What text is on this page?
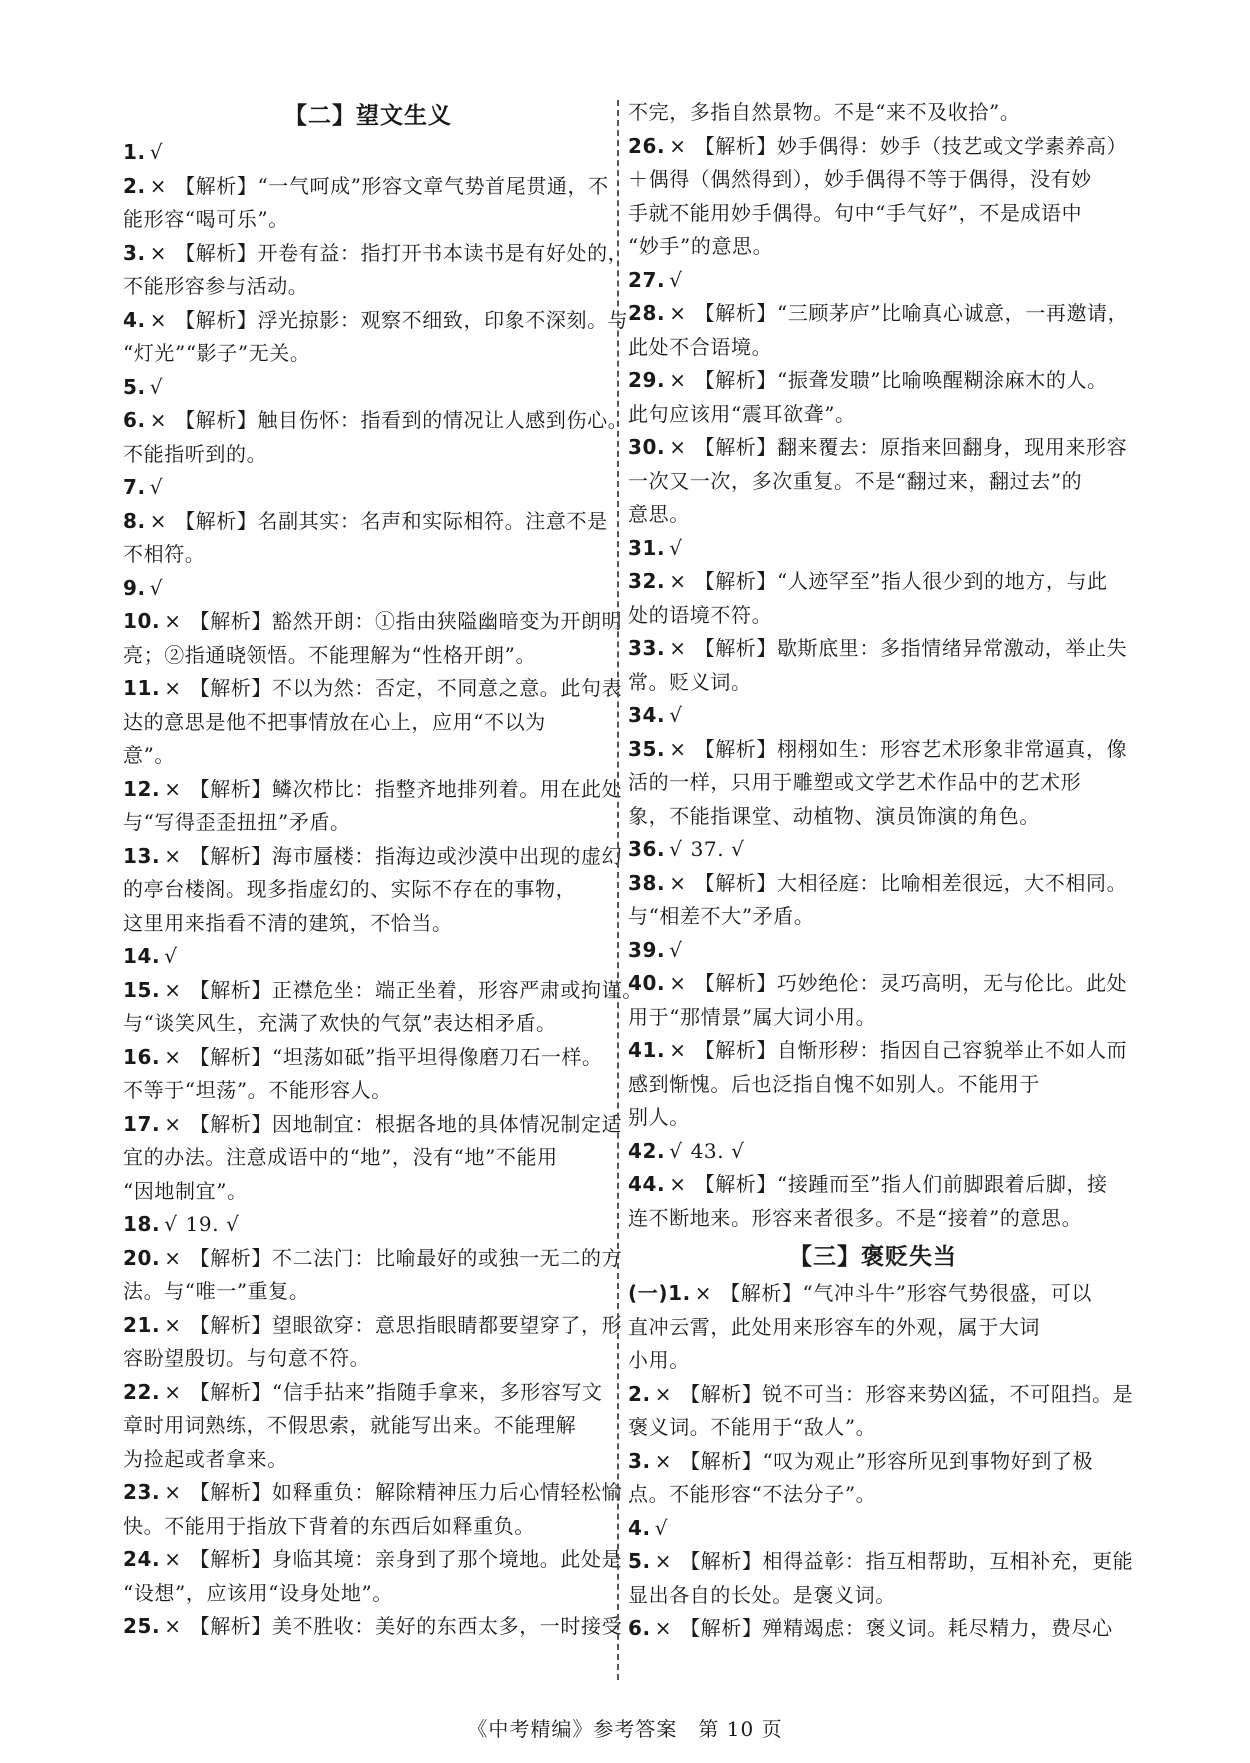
【二】望文生义
1. √
2. × 【解析】“一气呵成”形容文章气势首尾贯通，不
能形容“喝可乐”。
3. × 【解析】开卷有益：指打开书本读书是有好处的，
不能形容参与活动。
4. × 【解析】浮光掠影：观察不细致，印象不深刻。与
“灯光”“影子”无关。
5. √
6. × 【解析】触目伤怀：指看到的情况让人感到伤心。
不能指听到的。
7. √
8. × 【解析】名副其实：名声和实际相符。注意不是
不相符。
9. √
10. × 【解析】豁然开朗：①指由狭隘幽暗变为开朗明
亮；②指通晓领悟。不能理解为“性格开朗”。
11. × 【解析】不以为然：否定，不同意之意。此句表
达的意思是他不把事情放在心上，应用“不以为
意”。
12. × 【解析】鳞次栉比：指整齐地排列着。用在此处
与“写得歪歪扭扭”矛盾。
13. × 【解析】海市蜃楼：指海边或沙漠中出现的虚幻
的亭台楼阁。现多指虚幻的、实际不存在的事物，
这里用来指看不清的建筑，不恰当。
14. √
15. × 【解析】正襟危坐：端正坐着，形容严肃或拘谨。
与“谈笑风生，充满了欢快的气氛”表达相矛盾。
16. × 【解析】“坦荡如砥”指平坦得像磨刀石一样。
不等于“坦荡”。不能形容人。
17. × 【解析】因地制宜：根据各地的具体情况制定适
宜的办法。注意成语中的“地”，没有“地”不能用
“因地制宜”。
18. √ 19. √
20. × 【解析】不二法门：比喻最好的或独一无二的方
法。与“唯一”重复。
21. × 【解析】望眼欲穿：意思指眼睛都要望穿了，形
容盼望殷切。与句意不符。
22. × 【解析】“信手拈来”指随手拿来，多形容写文
章时用词熟练，不假思索，就能写出来。不能理解
为捡起或者拿来。
23. × 【解析】如释重负：解除精神压力后心情轻松愉
快。不能用于指放下背着的东西后如释重负。
24. × 【解析】身临其境：亲身到了那个境地。此处是
“设想”，应该用“设身处地”。
25. × 【解析】美不胜收：美好的东西太多，一时接受
不完，多指自然景物。不是“来不及收拾”。
26. × 【解析】妙手偶得：妙手（技艺或文学素养高）
＋偶得（偶然得到），妙手偶得不等于偶得，没有妙
手就不能用妙手偶得。句中“手气好”，不是成语中
“妙手”的意思。
27. √
28. × 【解析】“三顾茅庐”比喻真心诚意，一再邀请，
此处不合语境。
29. × 【解析】“振聋发聩”比喻唤醒糊涂麻木的人。
此句应该用“震耳欲聋”。
30. × 【解析】翻来覆去：原指来回翻身，现用来形容
一次又一次，多次重复。不是“翻过来，翻过去”的
意思。
31. √
32. × 【解析】“人迹罕至”指人很少到的地方，与此
处的语境不符。
33. × 【解析】歇斯底里：多指情绪异常激动，举止失
常。贬义词。
34. √
35. × 【解析】栩栩如生：形容艺术形象非常逼真，像
活的一样，只用于雕塑或文学艺术作品中的艺术形
象，不能指课堂、动植物、演员饰演的角色。
36. √ 37. √
38. × 【解析】大相径庭：比喻相差很远，大不相同。
与“相差不大”矛盾。
39. √
40. × 【解析】巧妙绝伦：灵巧高明，无与伦比。此处
用于“那情景”属大词小用。
41. × 【解析】自惭形秽：指因自己容貌举止不如人而
感到惭愧。后也泛指自愧不如别人。不能用于
别人。
42. √ 43. √
44. × 【解析】“接踵而至”指人们前脚跟着后脚，接
连不断地来。形容来者很多。不是“接着”的意思。
【三】褒贬失当
(一)1. × 【解析】“气冲斗牛”形容气势很盛，可以
直冲云霄，此处用来形容车的外观，属于大词
小用。
2. × 【解析】锐不可当：形容来势凶猛，不可阻挡。是
褒义词。不能用于“敌人”。
3. × 【解析】“叹为观止”形容所见到事物好到了极
点。不能形容“不法分子”。
4. √
5. × 【解析】相得益彰：指互相帮助，互相补充，更能
显出各自的长处。是褒义词。
6. × 【解析】殚精竭虑：褒义词。耗尽精力，费尽心
《中考精编》参考答案　第 10 页
